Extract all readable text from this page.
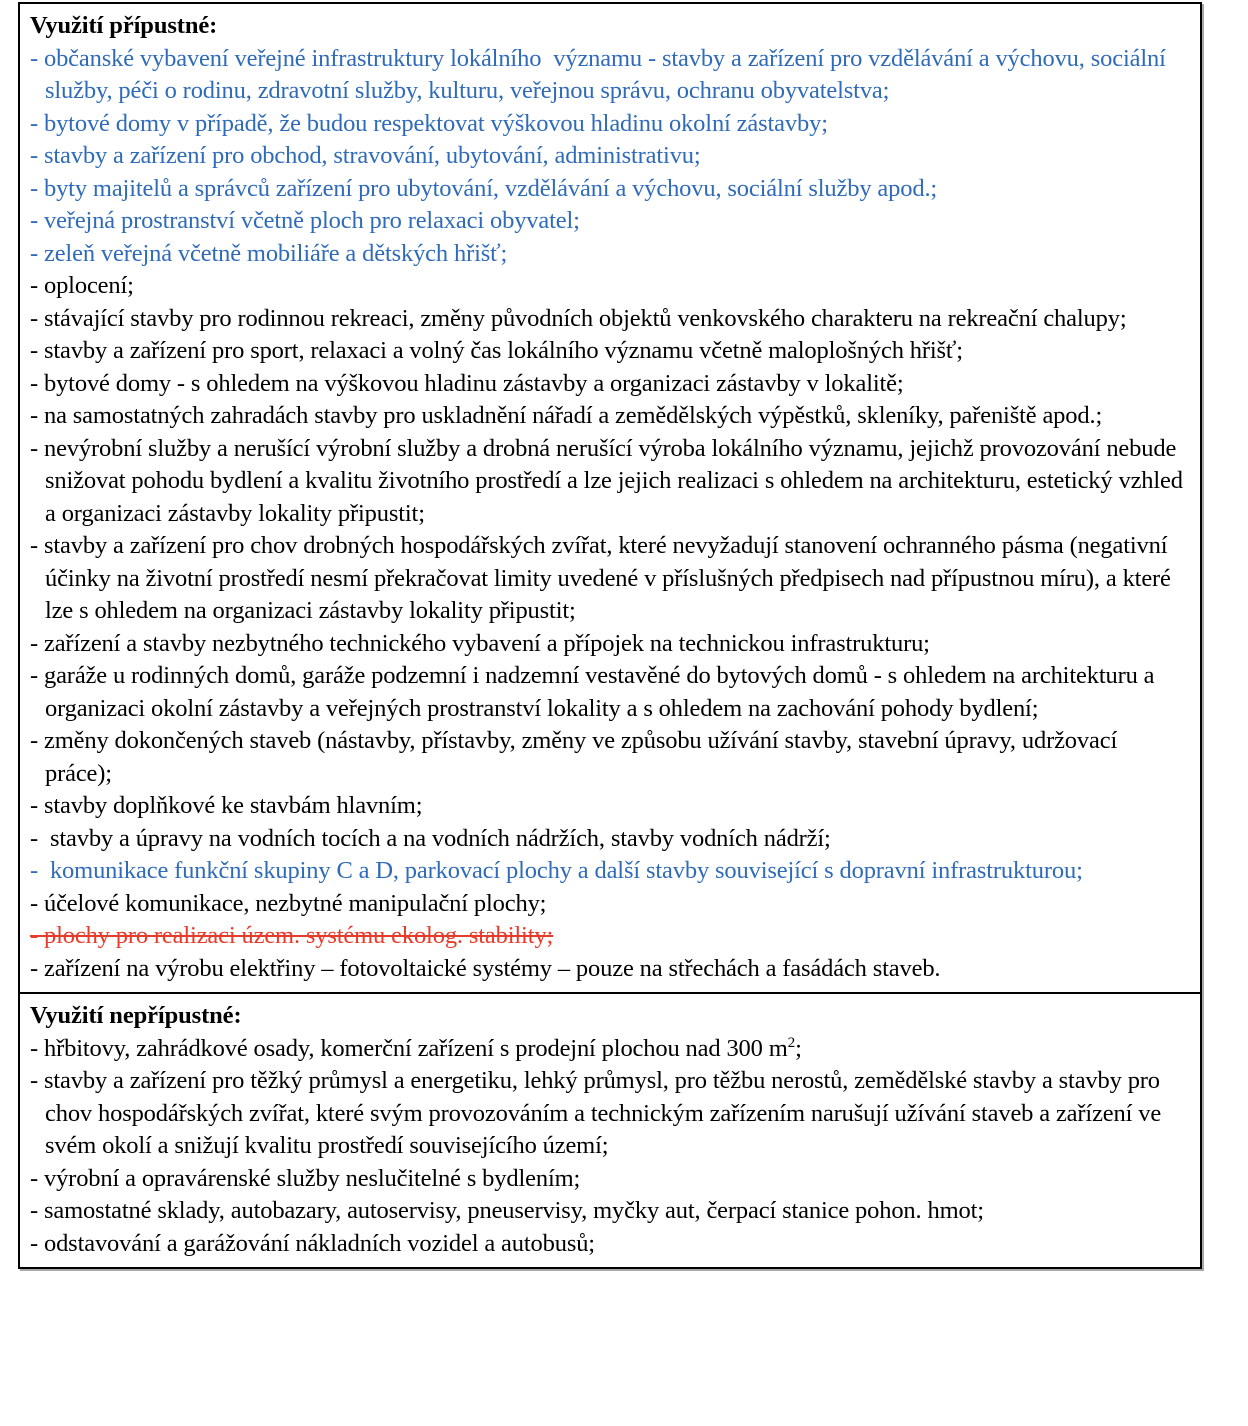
Využití přípustné:
- občanské vybavení veřejné infrastruktury lokálního  významu - stavby a zařízení pro vzdělávání a výchovu, sociální služby, péči o rodinu, zdravotní služby, kulturu, veřejnou správu, ochranu obyvatelstva;
- bytové domy v případě, že budou respektovat výškovou hladinu okolní zástavby;
- stavby a zařízení pro obchod, stravování, ubytování, administrativu;
- byty majitelů a správců zařízení pro ubytování, vzdělávání a výchovu, sociální služby apod.;
- veřejná prostranství včetně ploch pro relaxaci obyvatel;
- zeleň veřejná včetně mobiliáře a dětských hřišť;
- oplocení;
- stávající stavby pro rodinnou rekreaci, změny původních objektů venkovského charakteru na rekreační chalupy;
- stavby a zařízení pro sport, relaxaci a volný čas lokálního významu včetně maloplošných hřišť;
- bytové domy - s ohledem na výškovou hladinu zástavby a organizaci zástavby v lokalitě;
- na samostatných zahradách stavby pro uskladnění nářadí a zemědělských výpěstků, skleníky, pařeniště apod.;
- nevýrobní služby a nerušící výrobní služby a drobná nerušící výroba lokálního významu, jejichž provozování nebude snižovat pohodu bydlení a kvalitu životního prostředí a lze jejich realizaci s ohledem na architekturu, estetický vzhled a organizaci zástavby lokality připustit;
- stavby a zařízení pro chov drobných hospodářských zvířat, které nevyžadují stanovení ochranného pásma (negativní účinky na životní prostředí nesmí překračovat limity uvedené v příslušných předpisech nad přípustnou míru), a které lze s ohledem na organizaci zástavby lokality připustit;
- zařízení a stavby nezbytného technického vybavení a přípojek na technickou infrastrukturu;
- garáže u rodinných domů, garáže podzemní i nadzemní vestavěné do bytových domů - s ohledem na architekturu a organizaci okolní zástavby a veřejných prostranství lokality a s ohledem na zachování pohody bydlení;
- změny dokončených staveb (nástavby, přístavby, změny ve způsobu užívání stavby, stavební úpravy, udržovací práce);
- stavby doplňkové ke stavbám hlavním;
-  stavby a úpravy na vodních tocích a na vodních nádržích, stavby vodních nádrží;
-  komunikace funkční skupiny C a D, parkovací plochy a další stavby související s dopravní infrastrukturou;
- účelové komunikace, nezbytné manipulační plochy;
- plochy pro realizaci územ. systému ekolog. stability;
- zařízení na výrobu elektřiny – fotovoltaické systémy – pouze na střechách a fasádách staveb.
Využití nepřípustné:
- hřbitovy, zahrádkové osady, komerční zařízení s prodejní plochou nad 300 $m^2$;
- stavby a zařízení pro těžký průmysl a energetiku, lehký průmysl, pro těžbu nerostů, zemědělské stavby a stavby pro chov hospodářských zvířat, které svým provozováním a technickým zařízením narušují užívání staveb a zařízení ve svém okolí a snižují kvalitu prostředí souvisejícího území;
- výrobní a opravárenské služby neslučitelné s bydlením;
- samostatné sklady, autobazary, autoservisy, pneuservisy, myčky aut, čerpací stanice pohon. hmot;
- odstavování a garážování nákladních vozidel a autobusů;
